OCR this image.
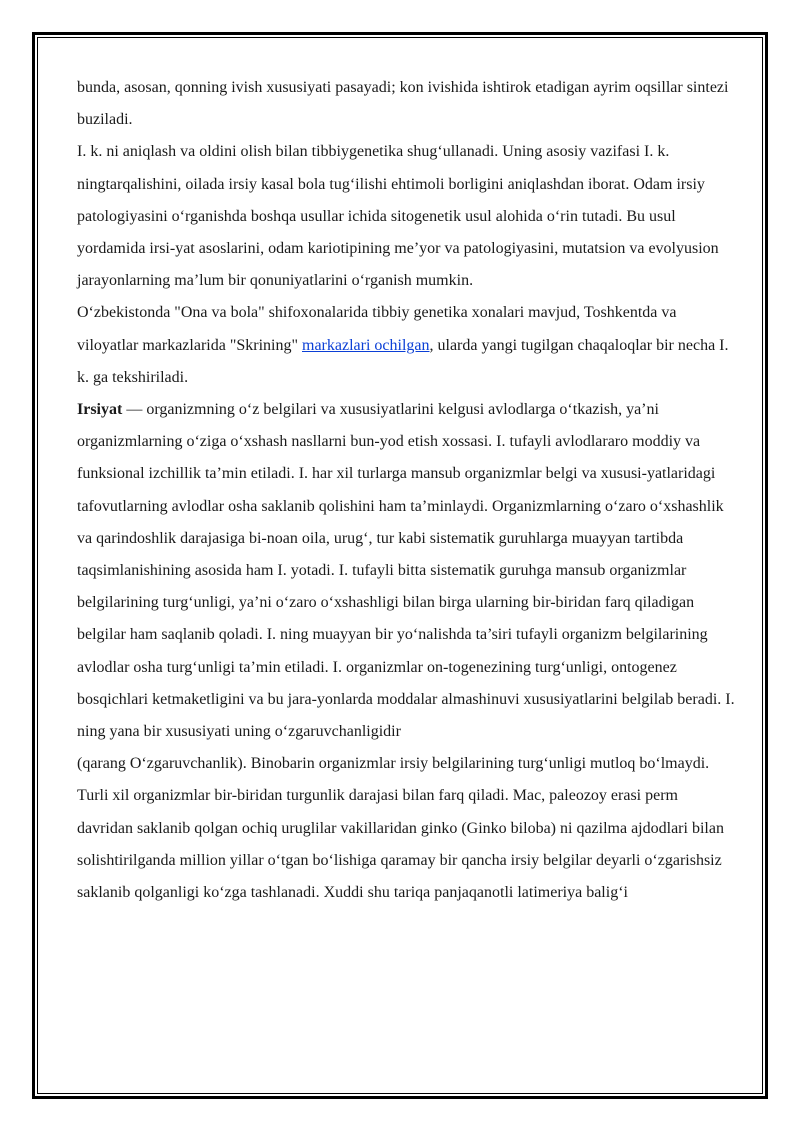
bunda, asosan, qonning ivish xususiyati pasayadi; kon ivishida ishtirok etadigan ayrim oqsillar sintezi buziladi.

I. k. ni aniqlash va oldini olish bilan tibbiygenetika shug‘ullanadi. Uning asosiy vazifasi I. k. ningtarqalishini, oilada irsiy kasal bola tug‘ilishi ehtimoli borligini aniqlashdan iborat. Odam irsiy patologiyasini o‘rganishda boshqa usullar ichida sitogenetik usul alohida o‘rin tutadi. Bu usul yordamida irsi-yat asoslarini, odam kariotipining me’yor va patologiyasini, mutatsion va evolyusion jarayonlarning ma’lum bir qonuniyatlarini o‘rganish mumkin.

O‘zbekistonda "Ona va bola" shifoxonalarida tibbiy genetika xonalari mavjud, Toshkentda va viloyatlar markazlarida "Skrining" markazlari ochilgan, ularda yangi tugilgan chaqaloqlar bir necha I. k. ga tekshiriladi.

Irsiyat — organizmning o‘z belgilari va xususiyatlarini kelgusi avlodlarga o‘tkazish, ya’ni organizmlarning o‘ziga o‘xshash nasllarni bun-yod etish xossasi. I. tufayli avlodlararo moddiy va funksional izchillik ta’min etiladi. I. har xil turlarga mansub organizmlar belgi va xususi-yatlaridagi tafovutlarning avlodlar osha saklanib qolishini ham ta’minlaydi. Organizmlarning o‘zaro o‘xshashlik va qarindoshlik darajasiga bi-noan oila, urug‘, tur kabi sistematik guruhlarga muayyan tartibda taqsimlanishining asosida ham I. yotadi. I. tufayli bitta sistematik guruhga mansub organizmlar belgilarining turg‘unligi, ya’ni o‘zaro o‘xshashligi bilan birga ularning bir-biridan farq qiladigan belgilar ham saqlanib qoladi. I. ning muayyan bir yo‘nalishda ta’siri tufayli organizm belgilarining avlodlar osha turg‘unligi ta’min etiladi. I. organizmlar on-togenezining turg‘unligi, ontogenez bosqichlari ketmaketligini va bu jara-yonlarda moddalar almashinuvi xususiyatlarini belgilab beradi. I. ning yana bir xususiyati uning o‘zgaruvchanligidir

(qarang O‘zgaruvchanlik). Binobarin organizmlar irsiy belgilarining turg‘unligi mutloq bo‘lmaydi. Turli xil organizmlar bir-biridan turgunlik darajasi bilan farq qiladi. Mac, paleozoy erasi perm davridan saklanib qolgan ochiq uruglilar vakillaridan ginko (Ginko biloba) ni qazilma ajdodlari bilan solishtirilganda million yillar o‘tgan bo‘lishiga qaramay bir qancha irsiy belgilar deyarli o‘zgarishsiz saklanib qolganligi ko‘zga tashlanadi. Xuddi shu tariqa panjaqanotli latimeriya balig‘i
